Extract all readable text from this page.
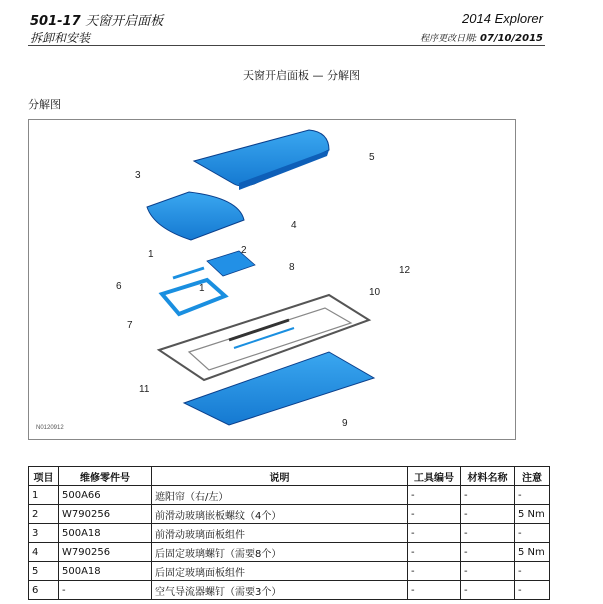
501-17 天窗开启面板
拆卸和安装
2014 Explorer
程序更改日期: 07/10/2015
天窗开启面板 — 分解图
分解图
5
3
4
1	2
8	12
6	1	10
7
11
9
N0120912
项目	维修零件号	说明	工具编号	材料名称	注意
1	500A66	遮阳帘（右/左）	-	-	-
2	W790256	前滑动玻璃嵌板螺纹（4个）	-	-	5 Nm
3	500A18	前滑动玻璃面板组件	-	-	-
4	W790256	后固定玻璃螺钉（需要8个）	-	-	5 Nm
5	500A18	后固定玻璃面板组件	-	-	-
6	-	空气导流器螺钉（需要3个）	-	-	-
